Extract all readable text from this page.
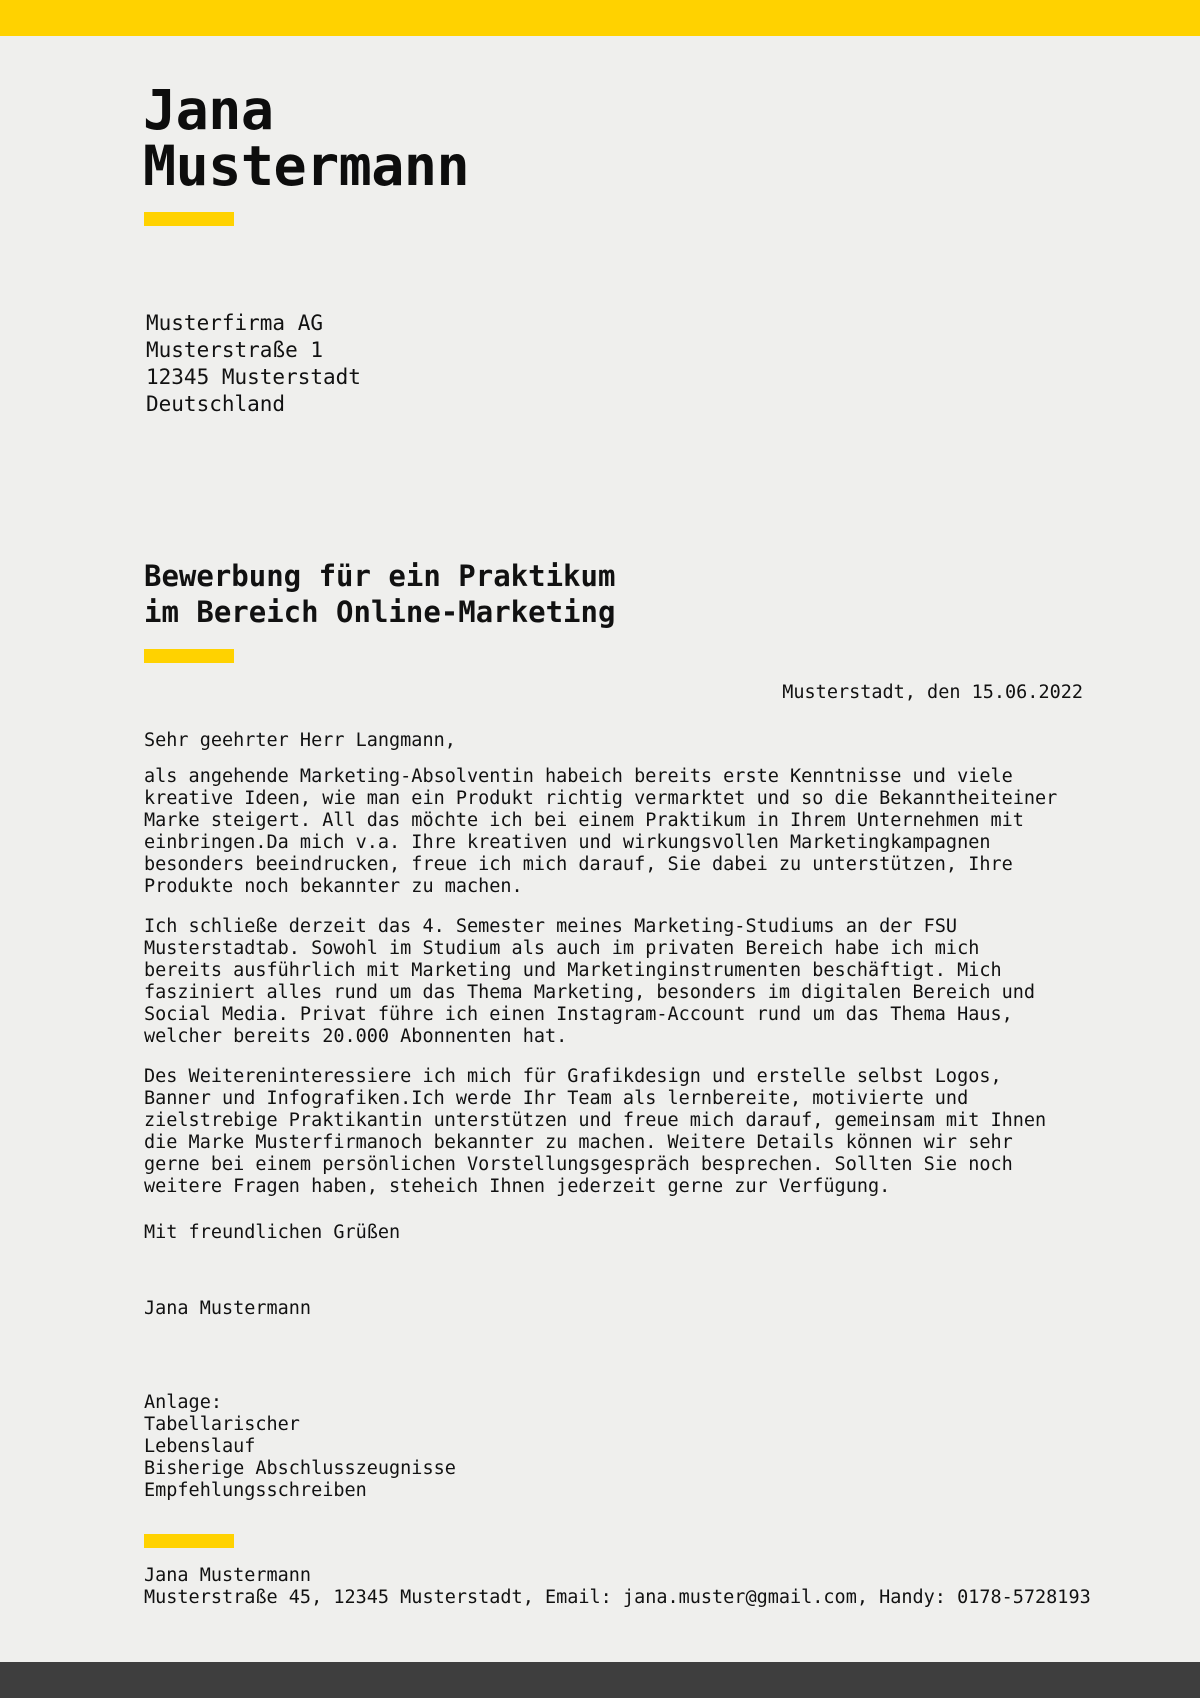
Jana
Mustermann
Musterfirma AG
Musterstraße 1
12345 Musterstadt
Deutschland
Bewerbung für ein Praktikum
im Bereich Online-Marketing
Musterstadt, den 15.06.2022

Sehr geehrter Herr Langmann,

als angehende Marketing-Absolventin habeich bereits erste Kenntnisse und viele
kreative Ideen, wie man ein Produkt richtig vermarktet und so die Bekanntheiteiner
Marke steigert. All das möchte ich bei einem Praktikum in Ihrem Unternehmen mit
einbringen.Da mich v.a. Ihre kreativen und wirkungsvollen Marketingkampagnen
besonders beeindrucken, freue ich mich darauf, Sie dabei zu unterstützen, Ihre
Produkte noch bekannter zu machen.

Ich schließe derzeit das 4. Semester meines Marketing-Studiums an der FSU
Musterstadtab. Sowohl im Studium als auch im privaten Bereich habe ich mich
bereits ausführlich mit Marketing und Marketinginstrumenten beschäftigt. Mich
fasziniert alles rund um das Thema Marketing, besonders im digitalen Bereich und
Social Media. Privat führe ich einen Instagram-Account rund um das Thema Haus,
welcher bereits 20.000 Abonnenten hat.

Des Weitereninteressiere ich mich für Grafikdesign und erstelle selbst Logos,
Banner und Infografiken.Ich werde Ihr Team als lernbereite, motivierte und
zielstrebige Praktikantin unterstützen und freue mich darauf, gemeinsam mit Ihnen
die Marke Musterfirmanoch bekannter zu machen. Weitere Details können wir sehr
gerne bei einem persönlichen Vorstellungsgespräch besprechen. Sollten Sie noch
weitere Fragen haben, steheich Ihnen jederzeit gerne zur Verfügung.

Mit freundlichen Grüßen
Jana Mustermann
Anlage:
Tabellarischer
Lebenslauf
Bisherige Abschlusszeugnisse
Empfehlungsschreiben
Jana Mustermann
Musterstraße 45, 12345 Musterstadt, Email: jana.muster@gmail.com, Handy: 0178-5728193
